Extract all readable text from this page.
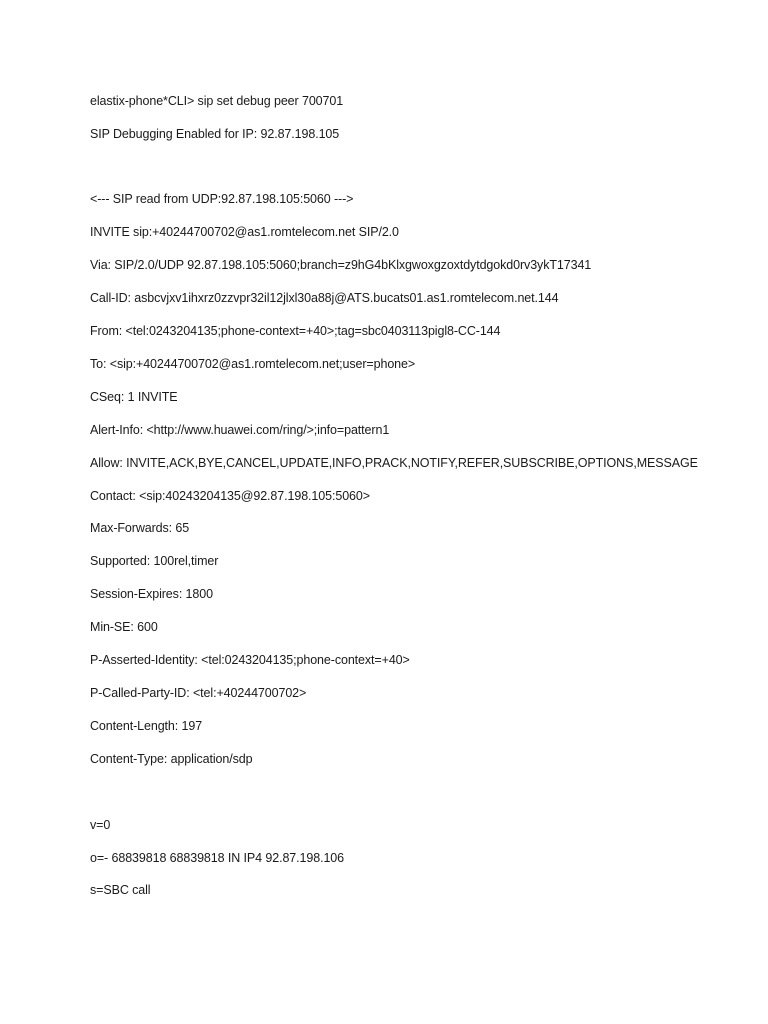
elastix-phone*CLI> sip set debug peer 700701

SIP Debugging Enabled for IP: 92.87.198.105

<--- SIP read from UDP:92.87.198.105:5060 --->

INVITE sip:+40244700702@as1.romtelecom.net SIP/2.0

Via: SIP/2.0/UDP 92.87.198.105:5060;branch=z9hG4bKlxgwoxgzoxtdytdgokd0rv3ykT17341

Call-ID: asbcvjxv1ihxrz0zzvpr32il12jlxl30a88j@ATS.bucats01.as1.romtelecom.net.144

From: <tel:0243204135;phone-context=+40>;tag=sbc0403113pigl8-CC-144

To: <sip:+40244700702@as1.romtelecom.net;user=phone>

CSeq: 1 INVITE

Alert-Info: <http://www.huawei.com/ring/>;info=pattern1

Allow: INVITE,ACK,BYE,CANCEL,UPDATE,INFO,PRACK,NOTIFY,REFER,SUBSCRIBE,OPTIONS,MESSAGE

Contact: <sip:40243204135@92.87.198.105:5060>

Max-Forwards: 65

Supported: 100rel,timer

Session-Expires: 1800

Min-SE: 600

P-Asserted-Identity: <tel:0243204135;phone-context=+40>

P-Called-Party-ID: <tel:+40244700702>

Content-Length: 197

Content-Type: application/sdp

v=0

o=- 68839818 68839818 IN IP4 92.87.198.106

s=SBC call
